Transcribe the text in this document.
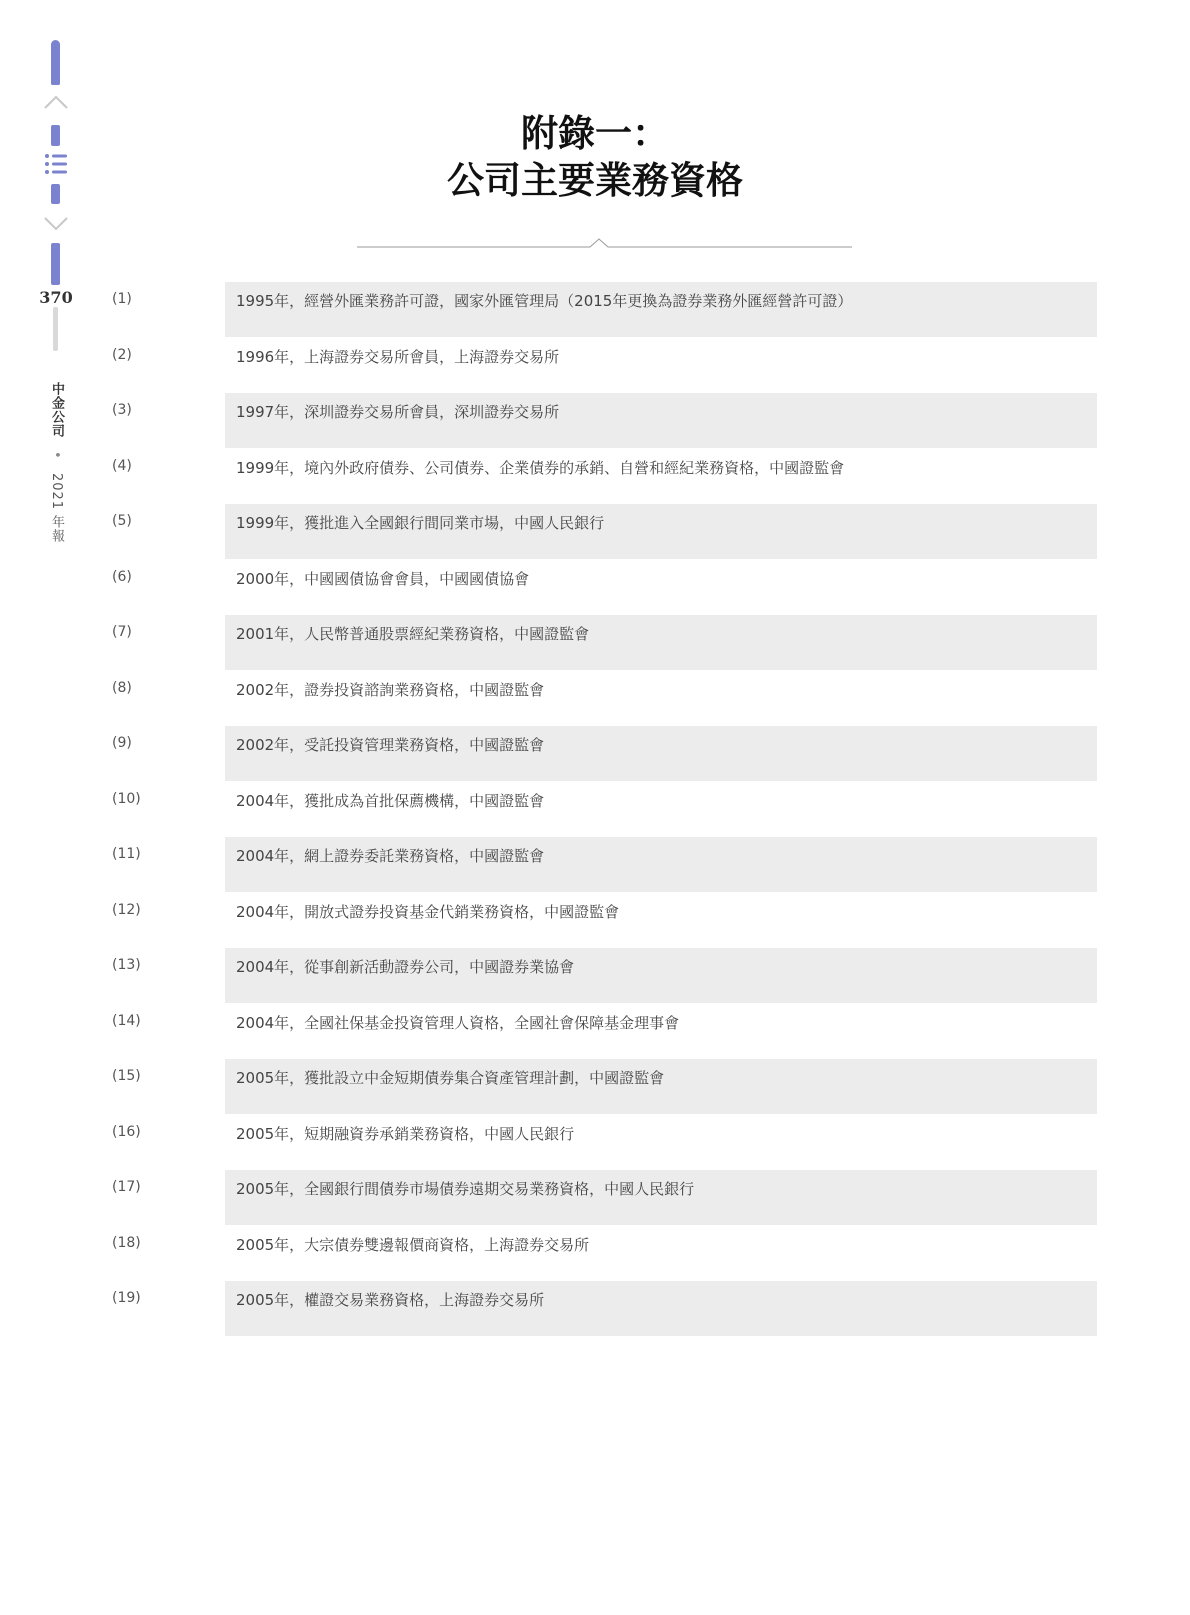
370
中金公司 • 2021 年報
附錄一：
公司主要業務資格
(1)	1995年，經營外匯業務許可證，國家外匯管理局（2015年更換為證券業務外匯經營許可證）
(2)	1996年，上海證券交易所會員，上海證券交易所
(3)	1997年，深圳證券交易所會員，深圳證券交易所
(4)	1999年，境內外政府債券、公司債券、企業債券的承銷、自營和經紀業務資格，中國證監會
(5)	1999年，獲批進入全國銀行間同業市場，中國人民銀行
(6)	2000年，中國國債協會會員，中國國債協會
(7)	2001年，人民幣普通股票經紀業務資格，中國證監會
(8)	2002年，證券投資諮詢業務資格，中國證監會
(9)	2002年，受託投資管理業務資格，中國證監會
(10)	2004年，獲批成為首批保薦機構，中國證監會
(11)	2004年，網上證券委託業務資格，中國證監會
(12)	2004年，開放式證券投資基金代銷業務資格，中國證監會
(13)	2004年，從事創新活動證券公司，中國證券業協會
(14)	2004年，全國社保基金投資管理人資格，全國社會保障基金理事會
(15)	2005年，獲批設立中金短期債券集合資產管理計劃，中國證監會
(16)	2005年，短期融資券承銷業務資格，中國人民銀行
(17)	2005年，全國銀行間債券市場債券遠期交易業務資格，中國人民銀行
(18)	2005年，大宗債券雙邊報價商資格，上海證券交易所
(19)	2005年，權證交易業務資格，上海證券交易所
